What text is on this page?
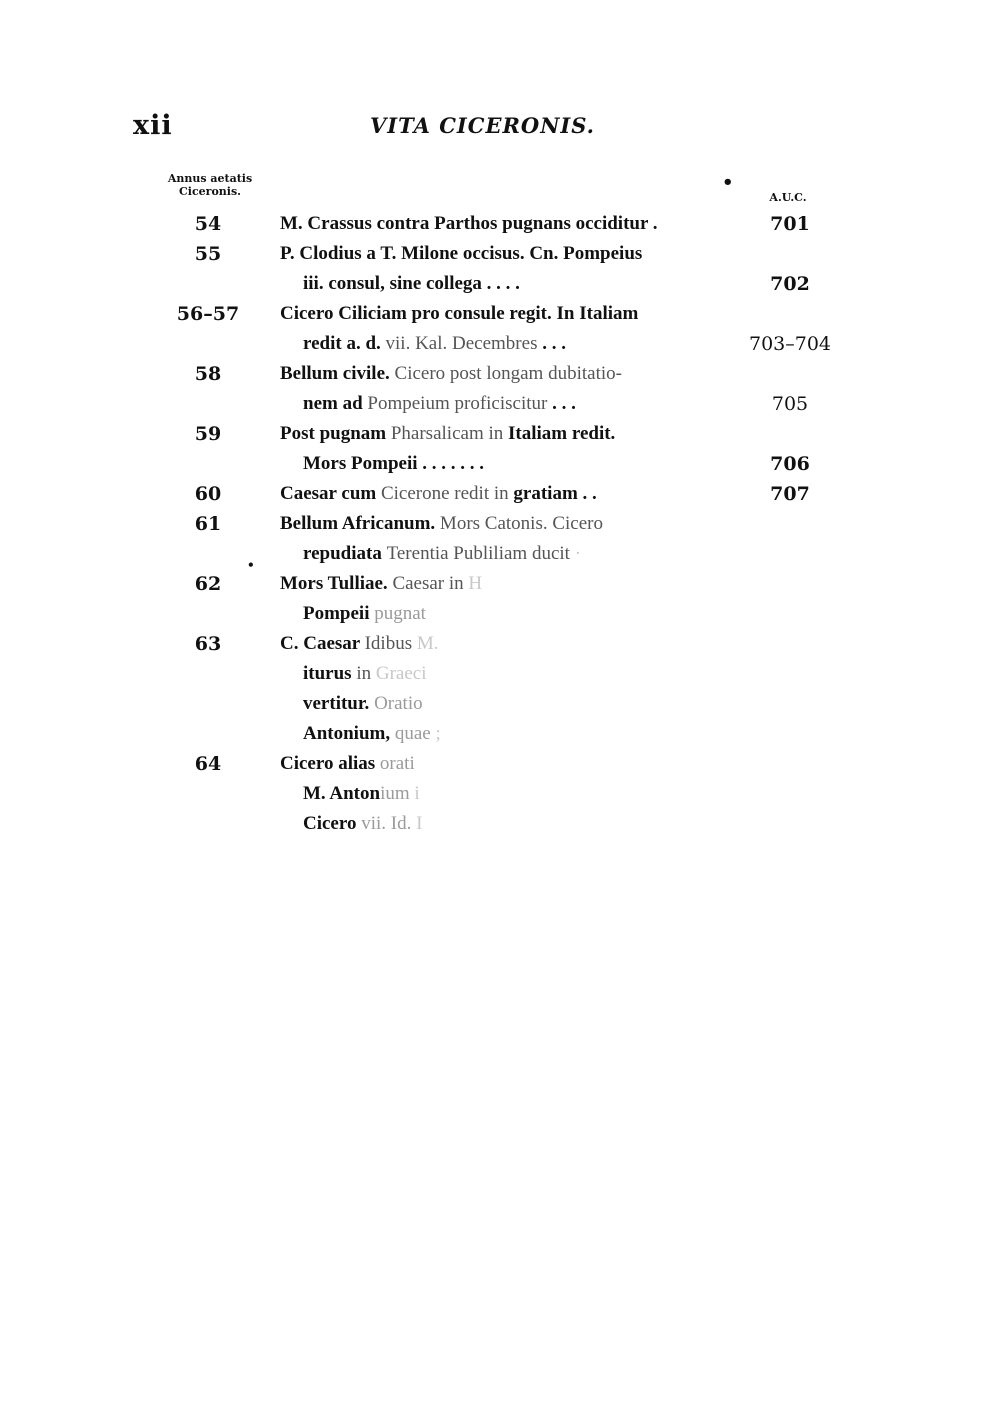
xii	VITA CICERONIS.
Annus aetatis
Ciceronis.	A.U.C.
•
•
54	M. Crassus contra Parthos pugnans occiditur .	701
55	P. Clodius a T. Milone occisus. Cn. Pompeius
iii. consul, sine collega . . . .	702
56–57	Cicero Ciliciam pro consule regit. In Italiam
redit a. d. vii. Kal. Decembres . . .	703–704
58	Bellum civile. Cicero post longam dubitatio-
nem ad Pompeium proficiscitur . . .	705
59	Post pugnam Pharsalicam in Italiam redit.
Mors Pompeii . . . . . . .	706
60	Caesar cum Cicerone redit in gratiam . .	707
61	Bellum Africanum. Mors Catonis. Cicero
repudiata Terentia Publiliam ducit ·
62	Mors Tulliae. Caesar in H
Pompeii pugnat
63	C. Caesar Idibus M.
iturus in Graeci
vertitur. Oratio
Antonium, quae ;
64	Cicero alias orati
M. Antonium i
Cicero vii. Id. I
